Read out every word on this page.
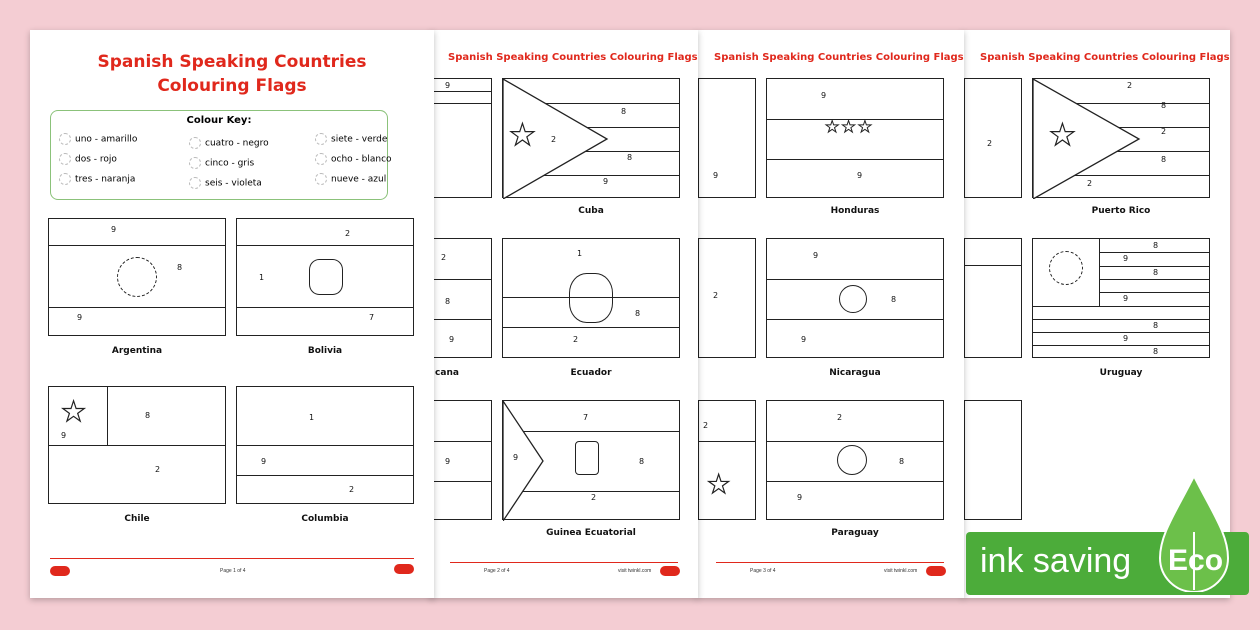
Spanish Speaking Countries Colouring Flags
2 ★
2
8
2
8
2
Puerto Rico
8
9
8
9
8
9
8
Uruguay
Spanish Speaking Countries Colouring Flags
9
9
9
★★★
Honduras
2
9
8
9
Nicaragua
2
★
2
8
9
Paraguay
Page 3 of 4	visit twinkl.com
Spanish Speaking Countries Colouring Flags
9
★
8
2
8
9
Cuba
2
8
9
cana
1
8
2
Ecuador
9
7
9	8
2
Guinea Ecuatorial
Page 2 of 4	visit twinkl.com
Spanish Speaking Countries
Colouring Flags
Colour Key:
uno - amarillo
dos - rojo
tres - naranja
cuatro - negro
cinco - gris
seis - violeta
siete - verde
ocho - blanco
nueve - azul
9
8
9
Argentina
2
1
7
Bolivia
★	8
9
2
Chile
1
9
2
Columbia
Page 1 of 4	ink saving Eco
